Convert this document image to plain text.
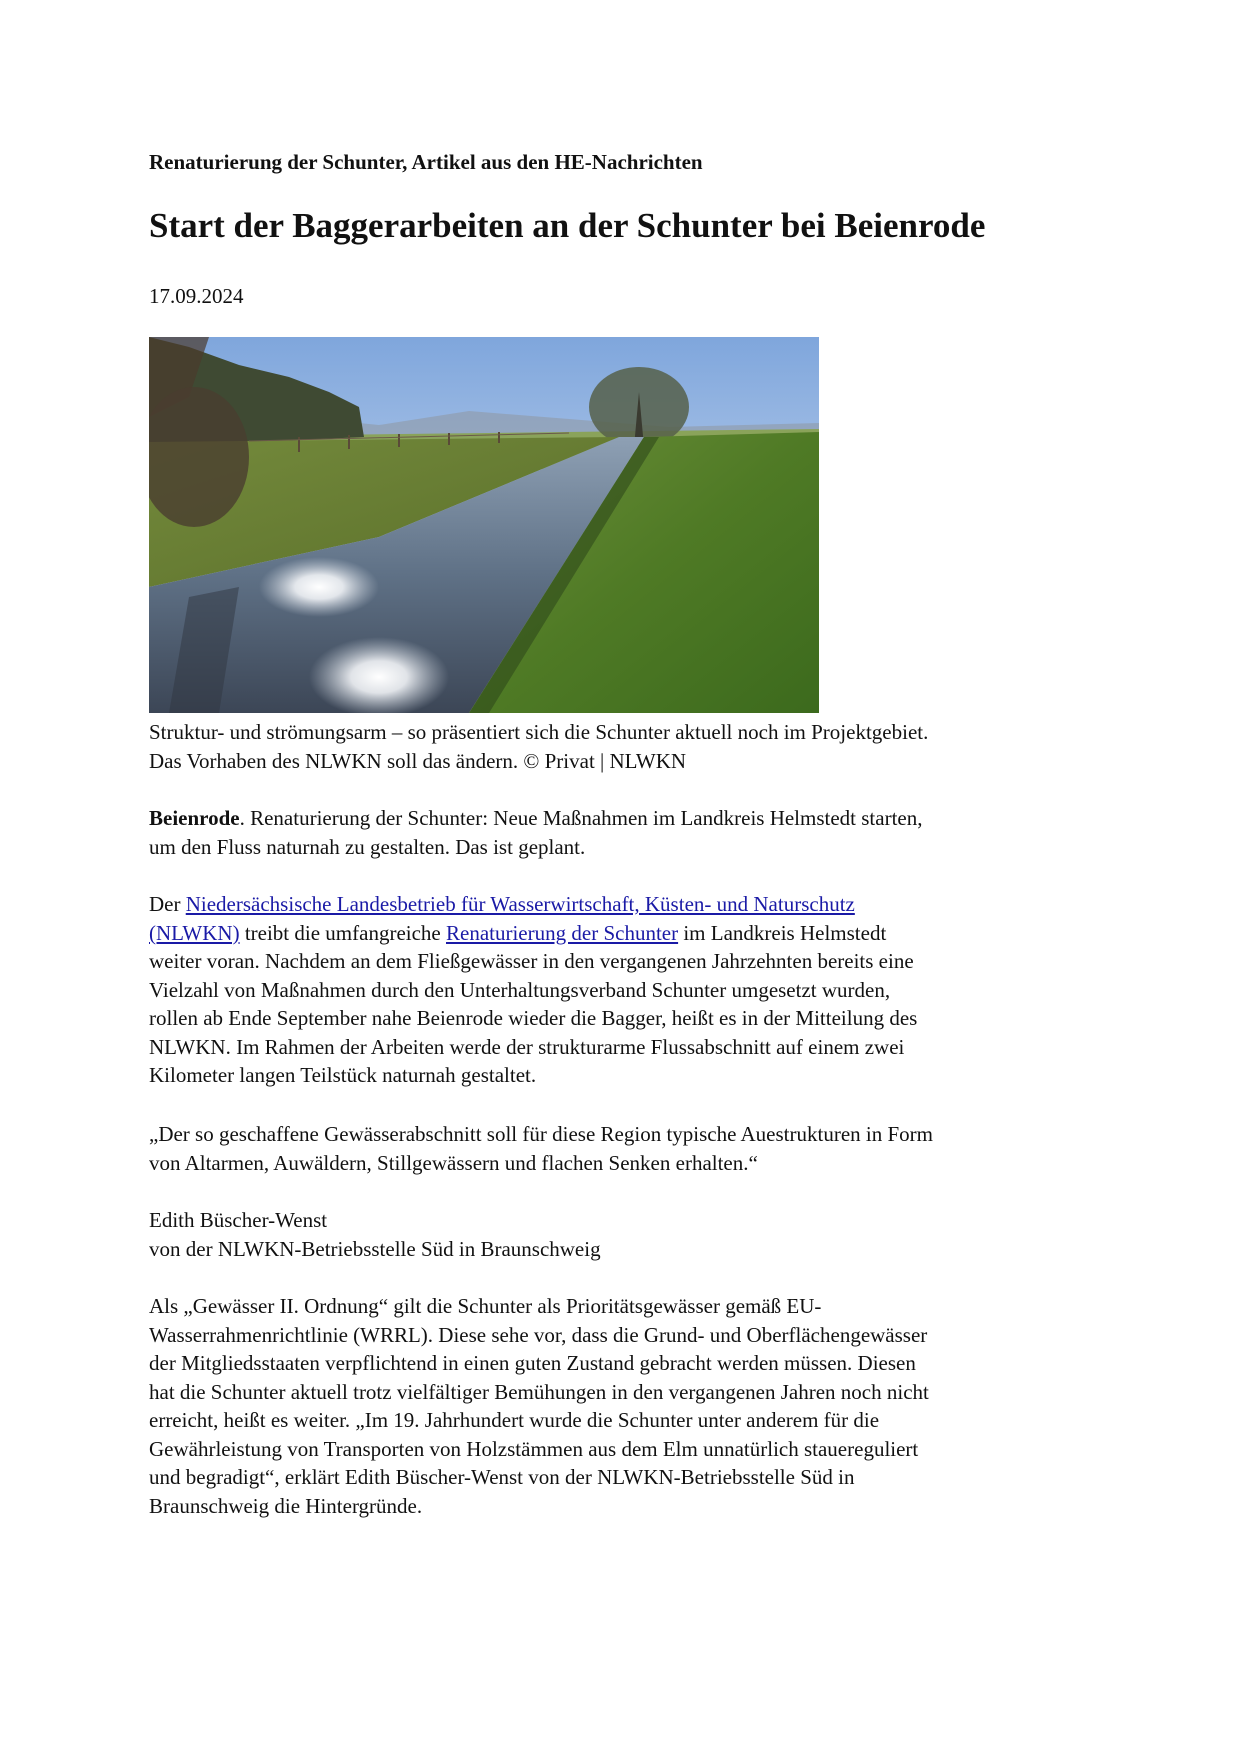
Renaturierung der Schunter, Artikel aus den HE-Nachrichten
Start der Baggerarbeiten an der Schunter bei Beienrode
17.09.2024

Struktur- und strömungsarm – so präsentiert sich die Schunter aktuell noch im Projektgebiet.
Das Vorhaben des NLWKN soll das ändern. © Privat | NLWKN

Beienrode. Renaturierung der Schunter: Neue Maßnahmen im Landkreis Helmstedt starten,
um den Fluss naturnah zu gestalten. Das ist geplant.

Der Niedersächsische Landesbetrieb für Wasserwirtschaft, Küsten- und Naturschutz
(NLWKN) treibt die umfangreiche Renaturierung der Schunter im Landkreis Helmstedt
weiter voran. Nachdem an dem Fließgewässer in den vergangenen Jahrzehnten bereits eine
Vielzahl von Maßnahmen durch den Unterhaltungsverband Schunter umgesetzt wurden,
rollen ab Ende September nahe Beienrode wieder die Bagger, heißt es in der Mitteilung des
NLWKN. Im Rahmen der Arbeiten werde der strukturarme Flussabschnitt auf einem zwei
Kilometer langen Teilstück naturnah gestaltet.

„Der so geschaffene Gewässerabschnitt soll für diese Region typische Auestrukturen in Form
von Altarmen, Auwäldern, Stillgewässern und flachen Senken erhalten.“

Edith Büscher-Wenst
von der NLWKN-Betriebsstelle Süd in Braunschweig

Als „Gewässer II. Ordnung“ gilt die Schunter als Prioritätsgewässer gemäß EU-
Wasserrahmenrichtlinie (WRRL). Diese sehe vor, dass die Grund- und Oberflächengewässer
der Mitgliedsstaaten verpflichtend in einen guten Zustand gebracht werden müssen. Diesen
hat die Schunter aktuell trotz vielfältiger Bemühungen in den vergangenen Jahren noch nicht
erreicht, heißt es weiter. „Im 19. Jahrhundert wurde die Schunter unter anderem für die
Gewährleistung von Transporten von Holzstämmen aus dem Elm unnatürlich stauereguliert
und begradigt“, erklärt Edith Büscher-Wenst von der NLWKN-Betriebsstelle Süd in
Braunschweig die Hintergründe.
